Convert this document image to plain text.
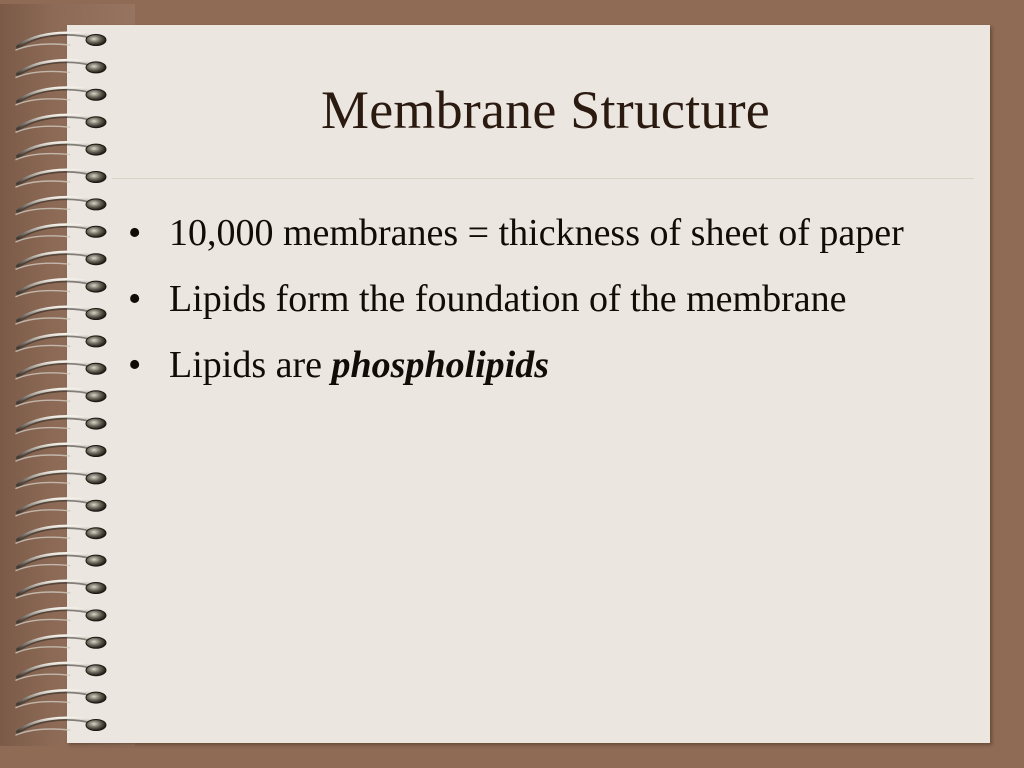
Membrane Structure
• 10,000 membranes = thickness of sheet of paper
• Lipids form the foundation of the membrane
• Lipids are phospholipids
